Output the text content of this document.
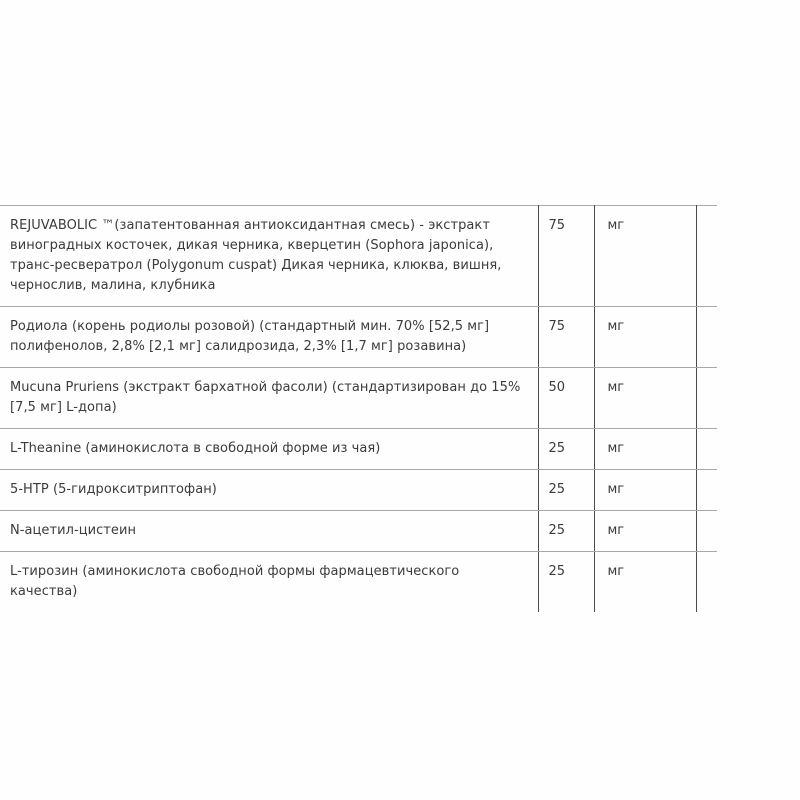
REJUVABOLIC ™(запатентованная антиоксидантная смесь) - экстракт виноградных косточек, дикая черника, кверцетин (Sophora japonica), транс-ресвератрол (Polygonum cuspat) Дикая черника, клюква, вишня, чернослив, малина, клубника	75	мг	
Родиола (корень родиолы розовой) (стандартный мин. 70% [52,5 мг] полифенолов, 2,8% [2,1 мг] салидрозида, 2,3% [1,7 мг] розавина)	75	мг	
Mucuna Pruriens (экстракт бархатной фасоли) (стандартизирован до 15% [7,5 мг] L-допа)	50	мг	
L-Theanine (аминокислота в свободной форме из чая)	25	мг	
5-HTP (5-гидрокситриптофан)	25	мг	
N-ацетил-цистеин	25	мг	
L-тирозин (аминокислота свободной формы фармацевтического качества)	25	мг	
